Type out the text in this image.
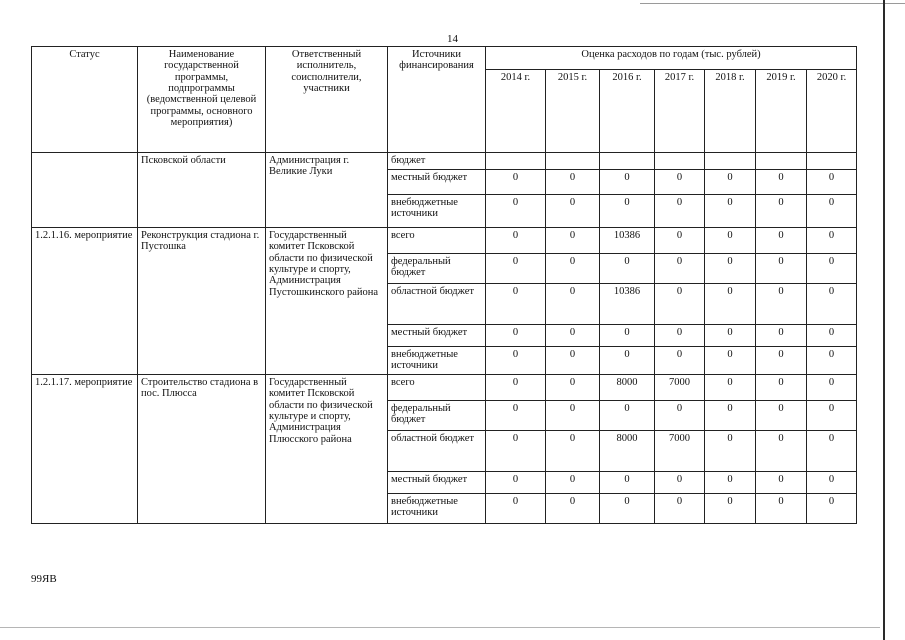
14
Статус	Наименование государственной программы, подпрограммы (ведомственной целевой программы, основного мероприятия)	Ответственный исполнитель, соисполнители, участники	Источники финансирования	Оценка расходов по годам (тыс. рублей)						
				2014 г.	2015 г.	2016 г.	2017 г.	2018 г.	2019 г.	2020 г.
	Псковской области	Администрация г. Великие Луки	бюджет							
			местный бюджет	0	0	0	0	0	0	0
			внебюджетные источники	0	0	0	0	0	0	0
1.2.1.16. мероприятие	Реконструкция стадиона г. Пустошка	Государственный комитет Псковской области по физической культуре и спорту, Администрация Пустошкинского района	всего	0	0	10386	0	0	0	0
			федеральный бюджет	0	0	0	0	0	0	0
			областной бюджет	0	0	10386	0	0	0	0
			местный бюджет	0	0	0	0	0	0	0
			внебюджетные источники	0	0	0	0	0	0	0
1.2.1.17. мероприятие	Строительство стадиона в пос. Плюсса	Государственный комитет Псковской области по физической культуре и спорту, Администрация Плюсского района	всего	0	0	8000	7000	0	0	0
			федеральный бюджет	0	0	0	0	0	0	0
			областной бюджет	0	0	8000	7000	0	0	0
			местный бюджет	0	0	0	0	0	0	0
			внебюджетные источники	0	0	0	0	0	0	0
99ЯВ
